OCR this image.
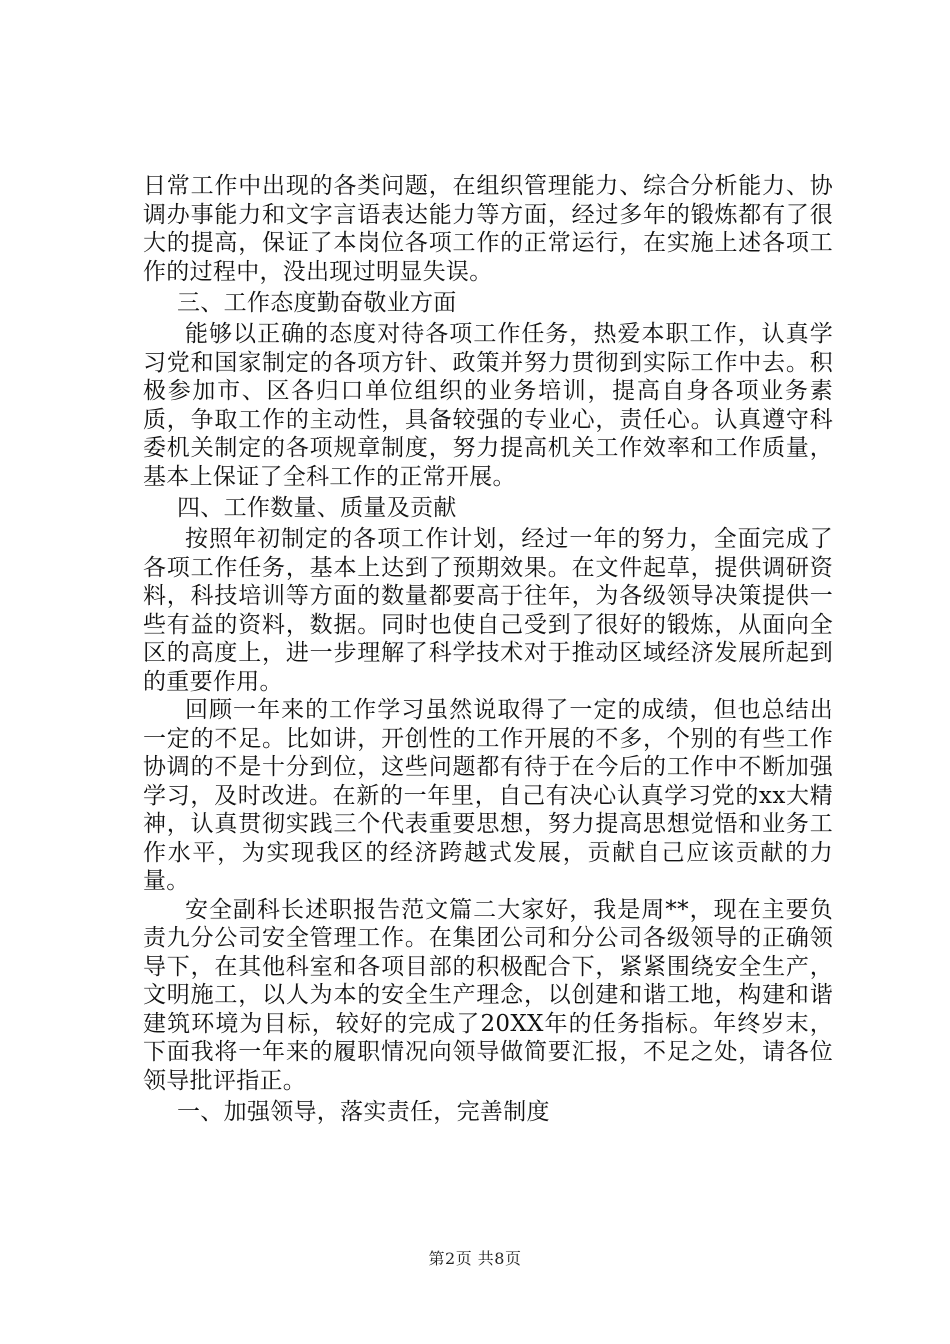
日常工作中出现的各类问题，在组织管理能力、综合分析能力、协调办事能力和文字言语表达能力等方面，经过多年的锻炼都有了很大的提高，保证了本岗位各项工作的正常运行，在实施上述各项工作的过程中，没出现过明显失误。

三、工作态度勤奋敬业方面

能够以正确的态度对待各项工作任务，热爱本职工作，认真学习党和国家制定的各项方针、政策并努力贯彻到实际工作中去。积极参加市、区各归口单位组织的业务培训，提高自身各项业务素质，争取工作的主动性，具备较强的专业心，责任心。认真遵守科委机关制定的各项规章制度，努力提高机关工作效率和工作质量，基本上保证了全科工作的正常开展。

四、工作数量、质量及贡献

按照年初制定的各项工作计划，经过一年的努力，全面完成了各项工作任务，基本上达到了预期效果。在文件起草，提供调研资料，科技培训等方面的数量都要高于往年，为各级领导决策提供一些有益的资料，数据。同时也使自己受到了很好的锻炼，从面向全区的高度上，进一步理解了科学技术对于推动区域经济发展所起到的重要作用。

回顾一年来的工作学习虽然说取得了一定的成绩，但也总结出一定的不足。比如讲，开创性的工作开展的不多，个别的有些工作协调的不是十分到位，这些问题都有待于在今后的工作中不断加强学习，及时改进。在新的一年里，自己有决心认真学习党的xx大精神，认真贯彻实践三个代表重要思想，努力提高思想觉悟和业务工作水平，为实现我区的经济跨越式发展，贡献自己应该贡献的力量。

安全副科长述职报告范文篇二大家好，我是周**，现在主要负责九分公司安全管理工作。在集团公司和分公司各级领导的正确领导下，在其他科室和各项目部的积极配合下，紧紧围绕安全生产，文明施工，以人为本的安全生产理念，以创建和谐工地，构建和谐建筑环境为目标，较好的完成了20XX年的任务指标。年终岁末，下面我将一年来的履职情况向领导做简要汇报，不足之处，请各位领导批评指正。

一、加强领导，落实责任，完善制度

第2页 共8页
